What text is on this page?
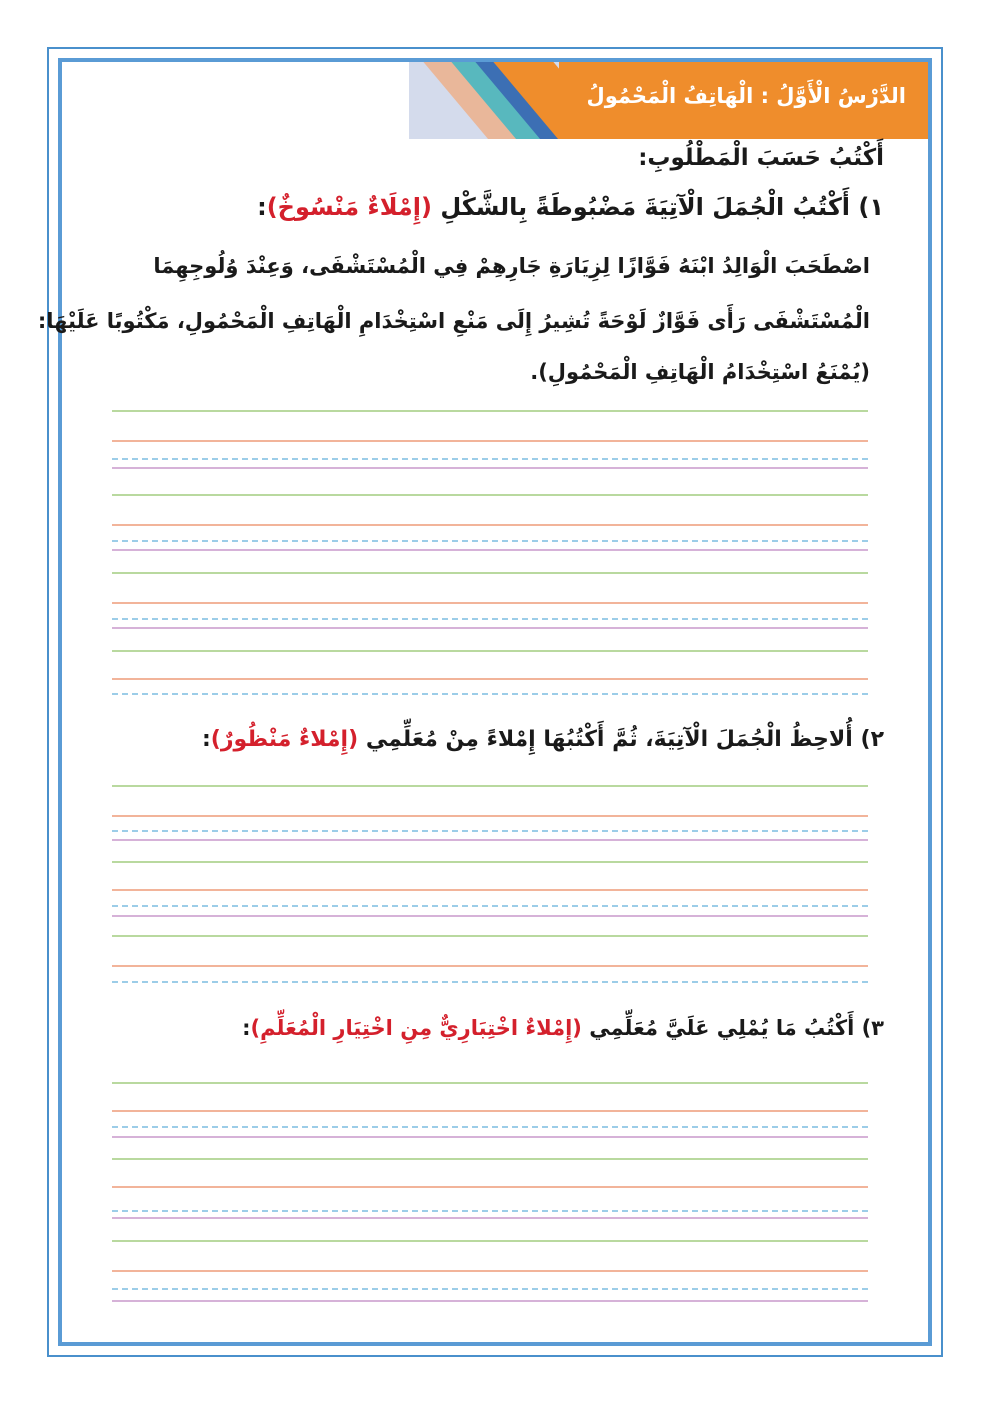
الدَّرْسُ الْأَوَّلُ : الْهَاتِفُ الْمَحْمُولُ
أَكْتُبُ حَسَبَ الْمَطْلُوبِ:
١) أَكْتُبُ الْجُمَلَ الْآتِيَةَ مَضْبُوطَةً بِالشَّكْلِ (إِمْلَاءٌ مَنْسُوخٌ):
اصْطَحَبَ الْوَالِدُ ابْنَهُ فَوَّازًا لِزِيَارَةِ جَارِهِمْ فِي الْمُسْتَشْفَى، وَعِنْدَ وُلُوجِهِمَا
الْمُسْتَشْفَى رَأَى فَوَّازٌ لَوْحَةً تُشِيرُ إِلَى مَنْعِ اسْتِخْدَامِ الْهَاتِفِ الْمَحْمُولِ، مَكْتُوبًا عَلَيْهَا:
(يُمْنَعُ اسْتِخْدَامُ الْهَاتِفِ الْمَحْمُولِ).
٢) أُلاحِظُ الْجُمَلَ الْآتِيَةَ، ثُمَّ أَكْتُبُهَا إِمْلاءً مِنْ مُعَلِّمِي (إِمْلاءٌ مَنْظُورٌ):
٣) أَكْتُبُ مَا يُمْلِي عَلَيَّ مُعَلِّمِي (إِمْلاءٌ اخْتِبَارِيٌّ مِنِ اخْتِيَارِ الْمُعَلِّمِ):
